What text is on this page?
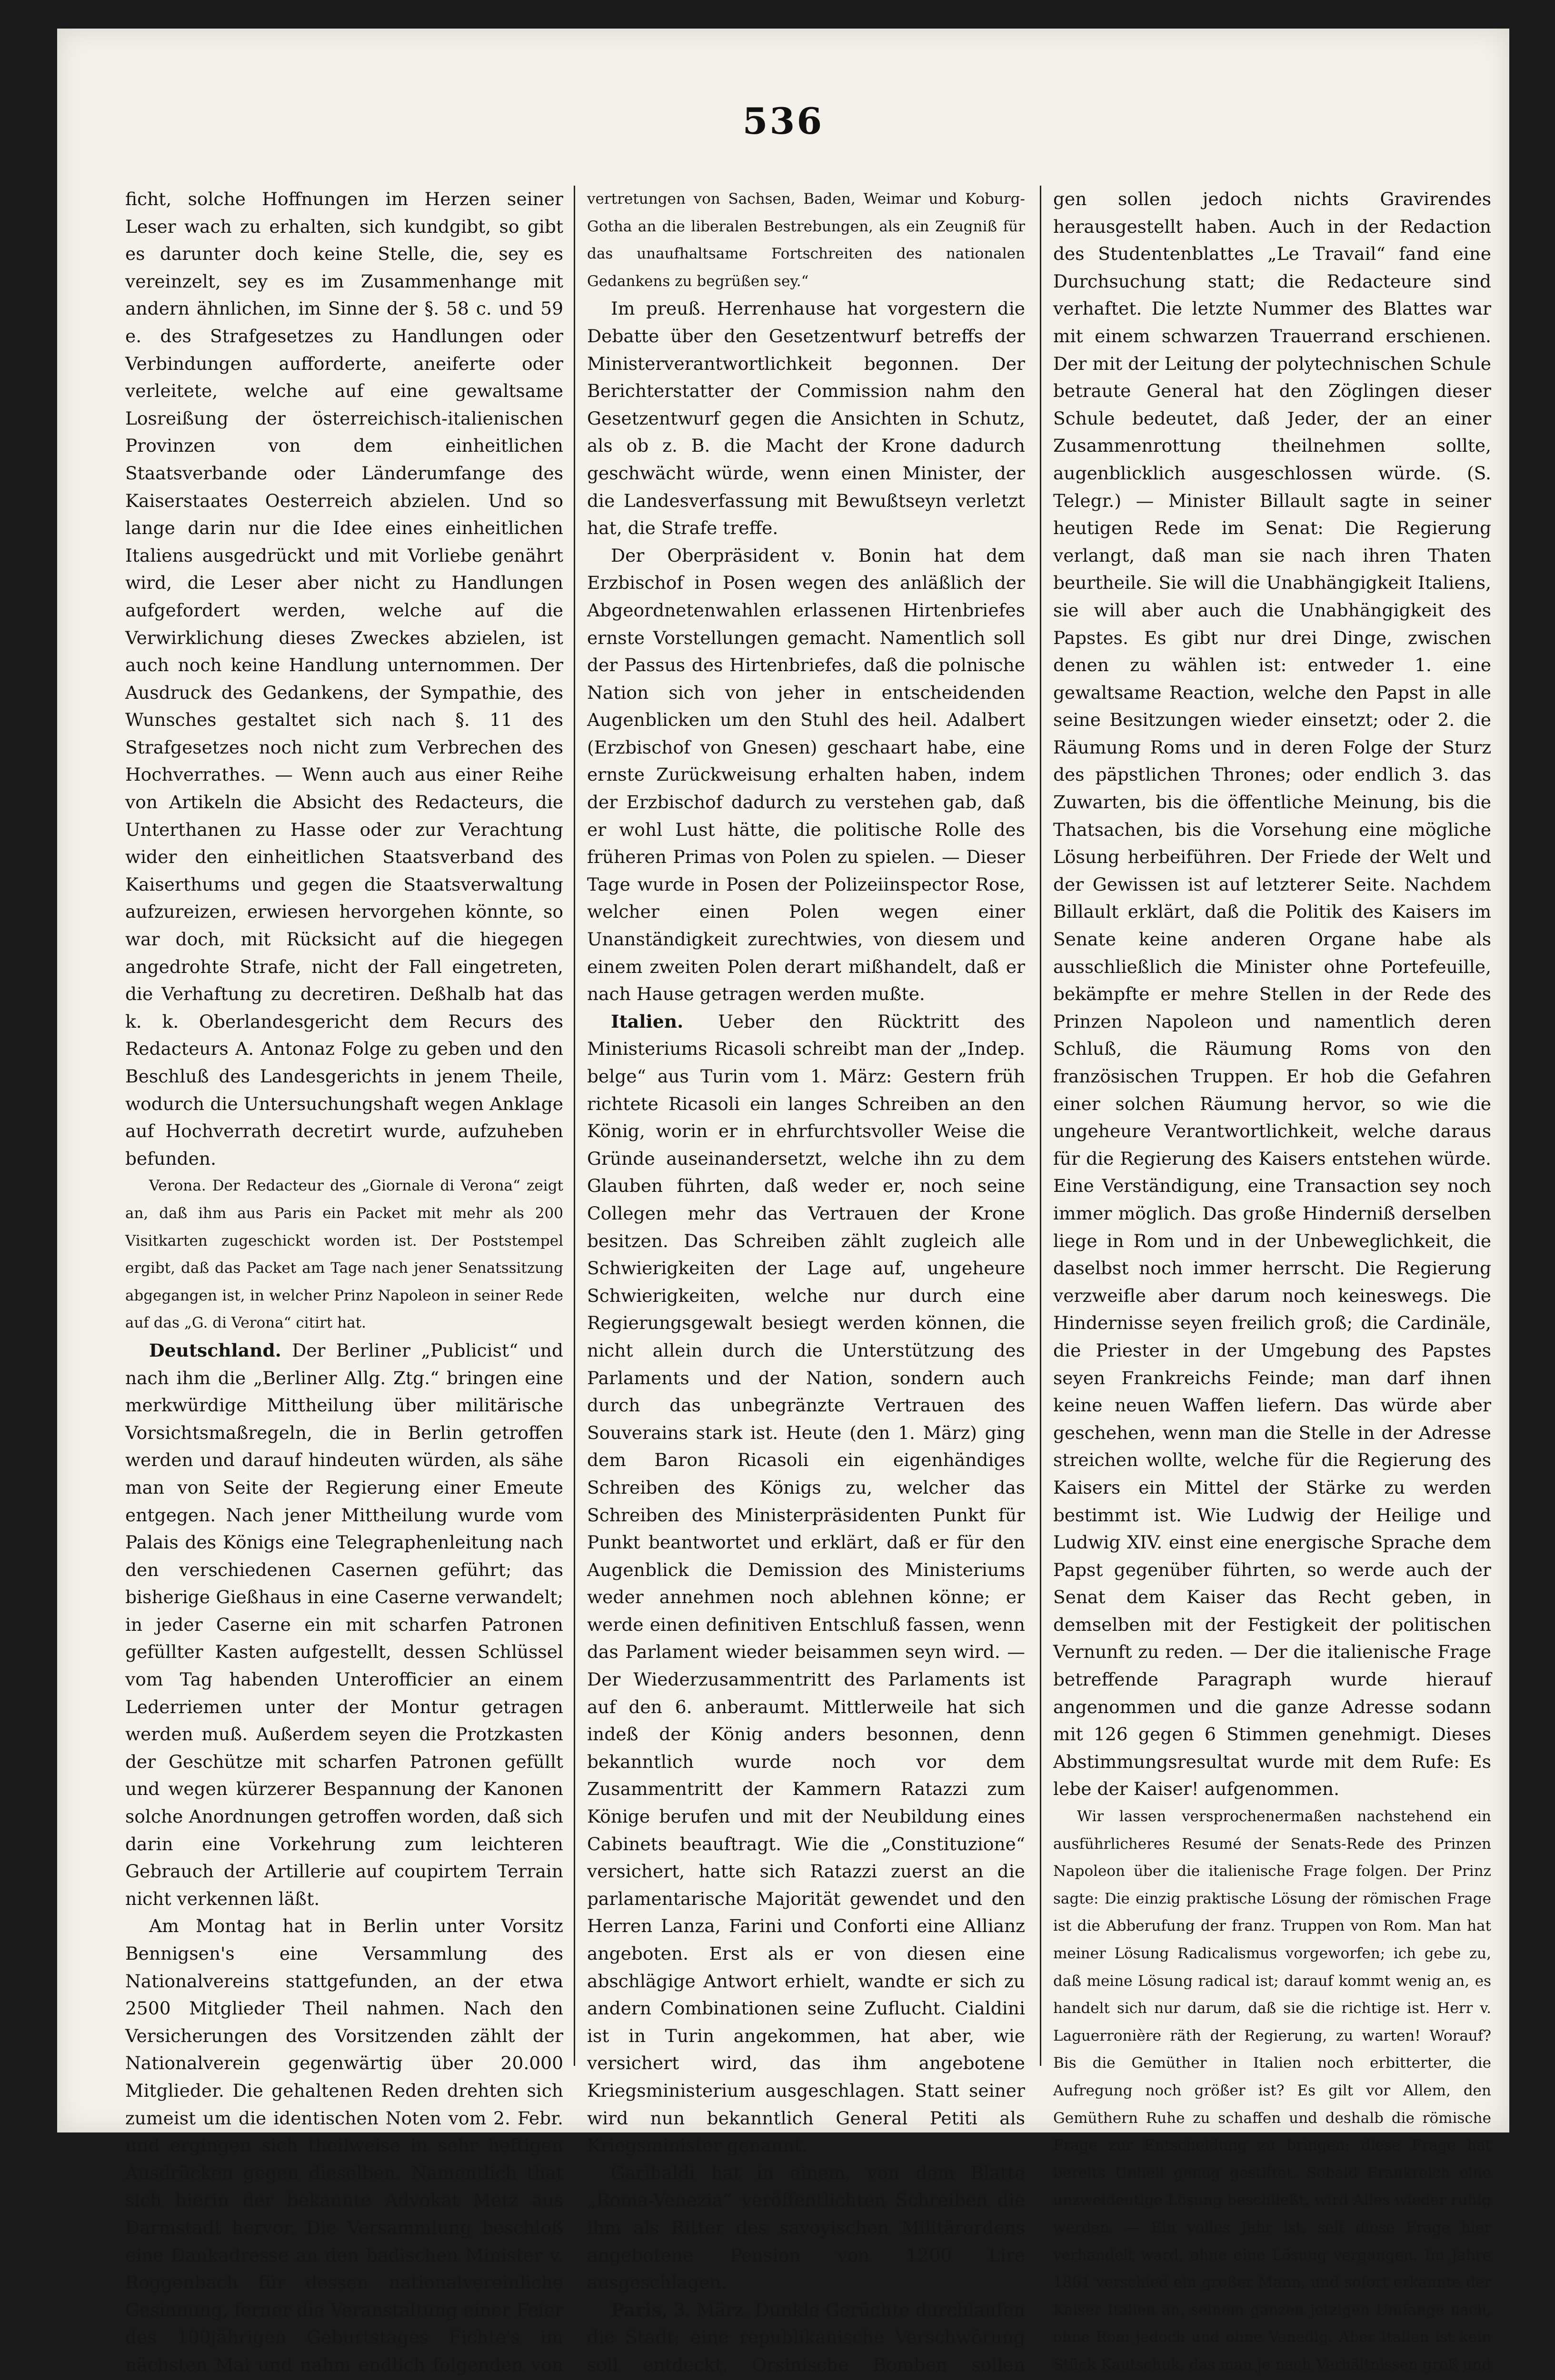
536

ficht, solche Hoffnungen im Herzen seiner Leser wach zu erhalten, sich kundgibt, so gibt es darunter doch keine Stelle, die, sey es vereinzelt, sey es im Zusammenhange mit andern ähnlichen, im Sinne der §. 58 c. und 59 e. des Strafgesetzes zu Handlungen oder Verbindungen aufforderte, aneiferte oder verleitete, welche auf eine gewaltsame Losreißung der österreichisch-italienischen Provinzen von dem einheitlichen Staatsverbande oder Länderumfange des Kaiserstaates Oesterreich abzielen. Und so lange darin nur die Idee eines einheitlichen Italiens ausgedrückt und mit Vorliebe genährt wird, die Leser aber nicht zu Handlungen aufgefordert werden, welche auf die Verwirklichung dieses Zweckes abzielen, ist auch noch keine Handlung unternommen. Der Ausdruck des Gedankens, der Sympathie, des Wunsches gestaltet sich nach §. 11 des Strafgesetzes noch nicht zum Verbrechen des Hochverrathes. — Wenn auch aus einer Reihe von Artikeln die Absicht des Redacteurs, die Unterthanen zu Hasse oder zur Verachtung wider den einheitlichen Staatsverband des Kaiserthums und gegen die Staatsverwaltung aufzureizen, erwiesen hervorgehen könnte, so war doch, mit Rücksicht auf die hiegegen angedrohte Strafe, nicht der Fall eingetreten, die Verhaftung zu decretiren. Deßhalb hat das k. k. Oberlandesgericht dem Recurs des Redacteurs A. Antonaz Folge zu geben und den Beschluß des Landesgerichts in jenem Theile, wodurch die Untersuchungshaft wegen Anklage auf Hochverrath decretirt wurde, aufzuheben befunden.

Verona. Der Redacteur des „Giornale di Verona“ zeigt an, daß ihm aus Paris ein Packet mit mehr als 200 Visitkarten zugeschickt worden ist. Der Poststempel ergibt, daß das Packet am Tage nach jener Senatssitzung abgegangen ist, in welcher Prinz Napoleon in seiner Rede auf das „G. di Verona“ citirt hat.

Deutschland. Der Berliner „Publicist“ und nach ihm die „Berliner Allg. Ztg.“ bringen eine merkwürdige Mittheilung über militärische Vorsichtsmaßregeln, die in Berlin getroffen werden und darauf hindeuten würden, als sähe man von Seite der Regierung einer Emeute entgegen. Nach jener Mittheilung wurde vom Palais des Königs eine Telegraphenleitung nach den verschiedenen Casernen geführt; das bisherige Gießhaus in eine Caserne verwandelt; in jeder Caserne ein mit scharfen Patronen gefüllter Kasten aufgestellt, dessen Schlüssel vom Tag habenden Unterofficier an einem Lederriemen unter der Montur getragen werden muß. Außerdem seyen die Protzkasten der Geschütze mit scharfen Patronen gefüllt und wegen kürzerer Bespannung der Kanonen solche Anordnungen getroffen worden, daß sich darin eine Vorkehrung zum leichteren Gebrauch der Artillerie auf coupirtem Terrain nicht verkennen läßt.

Am Montag hat in Berlin unter Vorsitz Bennigsen's eine Versammlung des Nationalvereins stattgefunden, an der etwa 2500 Mitglieder Theil nahmen. Nach den Versicherungen des Vorsitzenden zählt der Nationalverein gegenwärtig über 20.000 Mitglieder. Die gehaltenen Reden drehten sich zumeist um die identischen Noten vom 2. Febr. und ergingen sich theilweise in sehr heftigen Ausdrücken gegen dieselben. Namentlich that sich hierin der bekannte Advokat Metz aus Darmstadt hervor. Die Versammlung beschloß eine Dankadresse an den badischen Minister v. Roggenbach für dessen nationalvereinliche Gesinnung, ferner die Veranstaltung einer Feier des 100jährigen Geburtstages Fichte's im nächsten Mai und nahm endlich folgenden von

vertretungen von Sachsen, Baden, Weimar und Koburg-Gotha an die liberalen Bestrebungen, als ein Zeugniß für das unaufhaltsame Fortschreiten des nationalen Gedankens zu begrüßen sey.“

Im preuß. Herrenhause hat vorgestern die Debatte über den Gesetzentwurf betreffs der Ministerverantwortlichkeit begonnen. Der Berichterstatter der Commission nahm den Gesetzentwurf gegen die Ansichten in Schutz, als ob z. B. die Macht der Krone dadurch geschwächt würde, wenn einen Minister, der die Landesverfassung mit Bewußtseyn verletzt hat, die Strafe treffe.

Der Oberpräsident v. Bonin hat dem Erzbischof in Posen wegen des anläßlich der Abgeordnetenwahlen erlassenen Hirtenbriefes ernste Vorstellungen gemacht. Namentlich soll der Passus des Hirtenbriefes, daß die polnische Nation sich von jeher in entscheidenden Augenblicken um den Stuhl des heil. Adalbert (Erzbischof von Gnesen) geschaart habe, eine ernste Zurückweisung erhalten haben, indem der Erzbischof dadurch zu verstehen gab, daß er wohl Lust hätte, die politische Rolle des früheren Primas von Polen zu spielen. — Dieser Tage wurde in Posen der Polizeiinspector Rose, welcher einen Polen wegen einer Unanständigkeit zurechtwies, von diesem und einem zweiten Polen derart mißhandelt, daß er nach Hause getragen werden mußte.

Italien. Ueber den Rücktritt des Ministeriums Ricasoli schreibt man der „Indep. belge“ aus Turin vom 1. März: Gestern früh richtete Ricasoli ein langes Schreiben an den König, worin er in ehrfurchtsvoller Weise die Gründe auseinandersetzt, welche ihn zu dem Glauben führten, daß weder er, noch seine Collegen mehr das Vertrauen der Krone besitzen. Das Schreiben zählt zugleich alle Schwierigkeiten der Lage auf, ungeheure Schwierigkeiten, welche nur durch eine Regierungsgewalt besiegt werden können, die nicht allein durch die Unterstützung des Parlaments und der Nation, sondern auch durch das unbegränzte Vertrauen des Souverains stark ist. Heute (den 1. März) ging dem Baron Ricasoli ein eigenhändiges Schreiben des Königs zu, welcher das Schreiben des Ministerpräsidenten Punkt für Punkt beantwortet und erklärt, daß er für den Augenblick die Demission des Ministeriums weder annehmen noch ablehnen könne; er werde einen definitiven Entschluß fassen, wenn das Parlament wieder beisammen seyn wird. — Der Wiederzusammentritt des Parlaments ist auf den 6. anberaumt. Mittlerweile hat sich indeß der König anders besonnen, denn bekanntlich wurde noch vor dem Zusammentritt der Kammern Ratazzi zum Könige berufen und mit der Neubildung eines Cabinets beauftragt. Wie die „Constituzione“ versichert, hatte sich Ratazzi zuerst an die parlamentarische Majorität gewendet und den Herren Lanza, Farini und Conforti eine Allianz angeboten. Erst als er von diesen eine abschlägige Antwort erhielt, wandte er sich zu andern Combinationen seine Zuflucht. Cialdini ist in Turin angekommen, hat aber, wie versichert wird, das ihm angebotene Kriegsministerium ausgeschlagen. Statt seiner wird nun bekanntlich General Petiti als Kriegsminister genannt.

Garibaldi hat in einem, von dem Blatte „Roma-Venezia“ veröffentlichten Schreiben die ihm als Ritter des savoyischen Militärordens angebotene Pension von 1200 Lire ausgeschlagen.

Paris, 3. März. Dunkle Gerüchte durchlaufen die Stadt; eine republikanische Verschwörung soll entdeckt, Orsinische Bomben sollen

gen sollen jedoch nichts Gravirendes herausgestellt haben. Auch in der Redaction des Studentenblattes „Le Travail“ fand eine Durchsuchung statt; die Redacteure sind verhaftet. Die letzte Nummer des Blattes war mit einem schwarzen Trauerrand erschienen. Der mit der Leitung der polytechnischen Schule betraute General hat den Zöglingen dieser Schule bedeutet, daß Jeder, der an einer Zusammenrottung theilnehmen sollte, augenblicklich ausgeschlossen würde. (S. Telegr.) — Minister Billault sagte in seiner heutigen Rede im Senat: Die Regierung verlangt, daß man sie nach ihren Thaten beurtheile. Sie will die Unabhängigkeit Italiens, sie will aber auch die Unabhängigkeit des Papstes. Es gibt nur drei Dinge, zwischen denen zu wählen ist: entweder 1. eine gewaltsame Reaction, welche den Papst in alle seine Besitzungen wieder einsetzt; oder 2. die Räumung Roms und in deren Folge der Sturz des päpstlichen Thrones; oder endlich 3. das Zuwarten, bis die öffentliche Meinung, bis die Thatsachen, bis die Vorsehung eine mögliche Lösung herbeiführen. Der Friede der Welt und der Gewissen ist auf letzterer Seite. Nachdem Billault erklärt, daß die Politik des Kaisers im Senate keine anderen Organe habe als ausschließlich die Minister ohne Portefeuille, bekämpfte er mehre Stellen in der Rede des Prinzen Napoleon und namentlich deren Schluß, die Räumung Roms von den französischen Truppen. Er hob die Gefahren einer solchen Räumung hervor, so wie die ungeheure Verantwortlichkeit, welche daraus für die Regierung des Kaisers entstehen würde. Eine Verständigung, eine Transaction sey noch immer möglich. Das große Hinderniß derselben liege in Rom und in der Unbeweglichkeit, die daselbst noch immer herrscht. Die Regierung verzweifle aber darum noch keineswegs. Die Hindernisse seyen freilich groß; die Cardinäle, die Priester in der Umgebung des Papstes seyen Frankreichs Feinde; man darf ihnen keine neuen Waffen liefern. Das würde aber geschehen, wenn man die Stelle in der Adresse streichen wollte, welche für die Regierung des Kaisers ein Mittel der Stärke zu werden bestimmt ist. Wie Ludwig der Heilige und Ludwig XIV. einst eine energische Sprache dem Papst gegenüber führten, so werde auch der Senat dem Kaiser das Recht geben, in demselben mit der Festigkeit der politischen Vernunft zu reden. — Der die italienische Frage betreffende Paragraph wurde hierauf angenommen und die ganze Adresse sodann mit 126 gegen 6 Stimmen genehmigt. Dieses Abstimmungsresultat wurde mit dem Rufe: Es lebe der Kaiser! aufgenommen.

Wir lassen versprochenermaßen nachstehend ein ausführlicheres Resumé der Senats-Rede des Prinzen Napoleon über die italienische Frage folgen. Der Prinz sagte: Die einzig praktische Lösung der römischen Frage ist die Abberufung der franz. Truppen von Rom. Man hat meiner Lösung Radicalismus vorgeworfen; ich gebe zu, daß meine Lösung radical ist; darauf kommt wenig an, es handelt sich nur darum, daß sie die richtige ist. Herr v. Laguerronière räth der Regierung, zu warten! Worauf? Bis die Gemüther in Italien noch erbitterter, die Aufregung noch größer ist? Es gilt vor Allem, den Gemüthern Ruhe zu schaffen und deshalb die römische Frage zur Entscheidung zu bringen; diese Frage hat bereits Unheil genug gestiftet. Sobald Frankreich eine unzweideutige Lösung beschließt, wird Alles wieder ruhig werden. — Ein volles Jahr ist, seit diese Frage hier verhandelt ward, ohne eine Lösung vergangen. Im Jahre 1861 verschied ein großer Mann, und sofort erkannte der Kaiser Italien an, seinem ganzen jetzigen Umfange nach, ohne Rom jedoch und ohne Venedig. Aber Italien ist kein Stück Kautschuk, das man je nach Verhältnissen groß und
